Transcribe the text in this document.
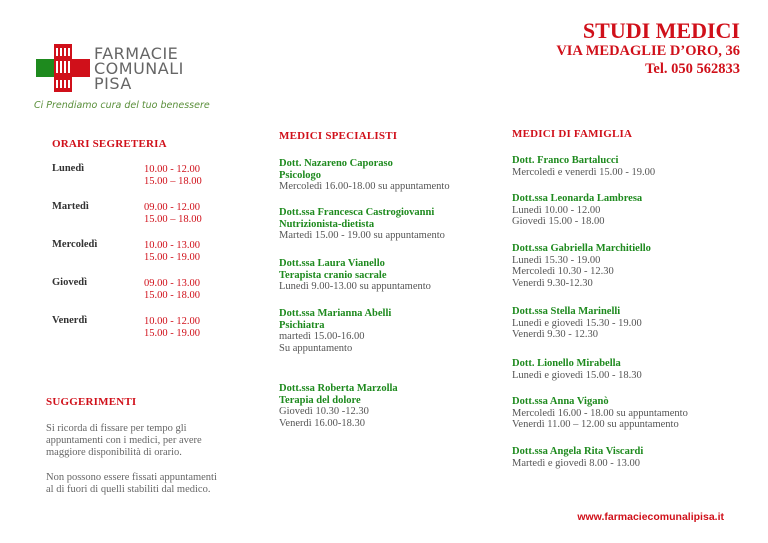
FARMACIE
COMUNALI
PISA
Ci Prendiamo cura del tuo benessere
STUDI MEDICI
VIA MEDAGLIE D’ORO, 36
Tel. 050 562833
ORARI SEGRETERIA
Lunedì	10.00 - 12.00
15.00 – 18.00
Martedì	09.00 - 12.00
15.00 – 18.00
Mercoledì	10.00 - 13.00
15.00 - 19.00
Giovedì	09.00 - 13.00
15.00 - 18.00
Venerdì	10.00 - 12.00
15.00 - 19.00
SUGGERIMENTI
Si ricorda di fissare per tempo gli
appuntamenti con i medici, per avere
maggiore disponibilità di orario.
Non possono essere fissati appuntamenti
al di fuori di quelli stabiliti dal medico.
MEDICI SPECIALISTI
Dott. Nazareno Caporaso
Psicologo
Mercoledì 16.00-18.00 su appuntamento
Dott.ssa Francesca Castrogiovanni
Nutrizionista-dietista
Martedì 15.00 - 19.00 su appuntamento
Dott.ssa Laura Vianello
Terapista cranio sacrale
Lunedì 9.00-13.00 su appuntamento
Dott.ssa Marianna Abelli
Psichiatra
martedì 15.00-16.00
Su appuntamento
Dott.ssa Roberta Marzolla
Terapia del dolore
Giovedì 10.30 -12.30
Venerdì 16.00-18.30
MEDICI DI FAMIGLIA
Dott. Franco Bartalucci
Mercoledì e venerdì 15.00 - 19.00
Dott.ssa Leonarda Lambresa
Lunedì 10.00 - 12.00
Giovedì 15.00 - 18.00
Dott.ssa Gabriella Marchitiello
Lunedì 15.30 - 19.00
Mercoledì 10.30 - 12.30
Venerdì 9.30-12.30
Dott.ssa Stella Marinelli
Lunedì e giovedì 15.30 - 19.00
Venerdì 9.30 - 12.30
Dott. Lionello Mirabella
Lunedì e giovedì 15.00 - 18.30
Dott.ssa Anna Viganò
Mercoledì 16.00 - 18.00 su appuntamento
Venerdì 11.00 – 12.00 su appuntamento
Dott.ssa Angela Rita Viscardi
Martedì e giovedì 8.00 - 13.00
www.farmaciecomunalipisa.it
